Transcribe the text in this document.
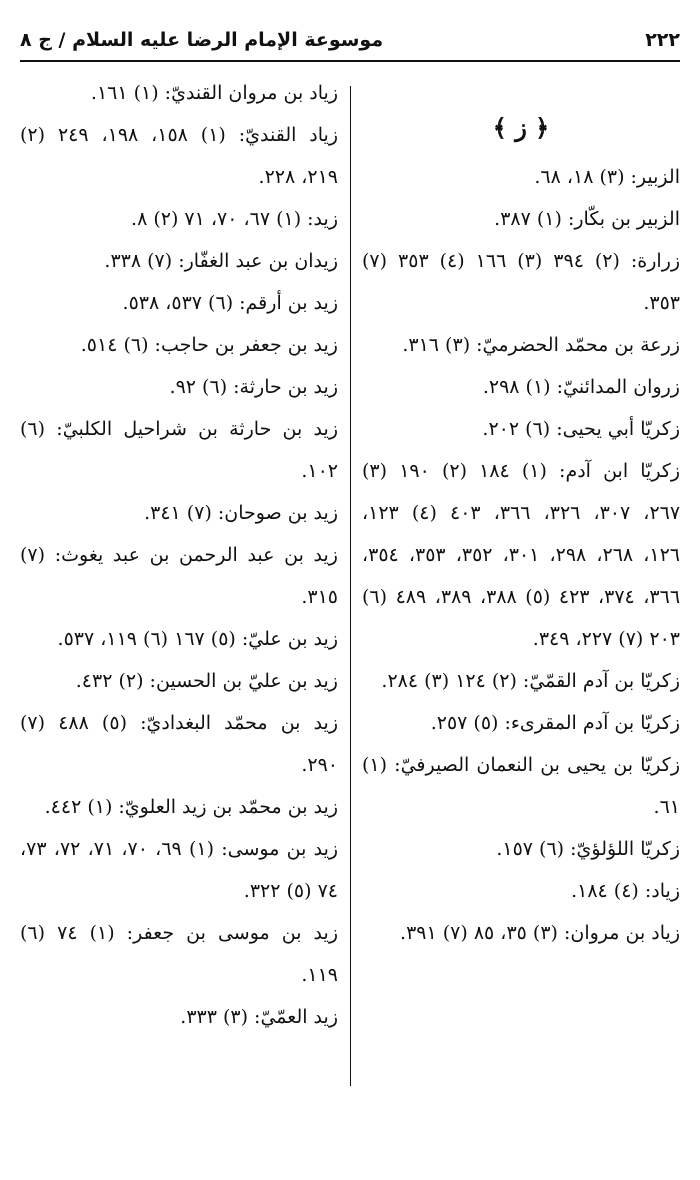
٢٢٢
موسوعة الإمام الرضا عليه السلام / ج ٨
﴿ ز ﴾
الزبير: (٣) ١٨، ٦٨.
الزبير بن بكّار: (١) ٣٨٧.
زرارة: (٢) ٣٩٤ (٣) ١٦٦ (٤) ٣٥٣ (٧) ٣٥٣.
زرعة بن محمّد الحضرميّ: (٣) ٣١٦.
زروان المدائنيّ: (١) ٢٩٨.
زكريّا أبي يحيى: (٦) ٢٠٢.
زكريّا ابن آدم: (١) ١٨٤ (٢) ١٩٠ (٣) ٢٦٧، ٣٠٧، ٣٢٦، ٣٦٦، ٤٠٣ (٤) ١٢٣، ١٢٦، ٢٦٨، ٢٩٨، ٣٠١، ٣٥٢، ٣٥٣، ٣٥٤، ٣٦٦، ٣٧٤، ٤٢٣ (٥) ٣٨٨، ٣٨٩، ٤٨٩ (٦) ٢٠٣ (٧) ٢٢٧، ٣٤٩.
زكريّا بن آدم القمّيّ: (٢) ١٢٤ (٣) ٢٨٤.
زكريّا بن آدم المقرىء: (٥) ٢٥٧.
زكريّا بن يحيى بن النعمان الصيرفيّ: (١) ٦١.
زكريّا اللؤلؤيّ: (٦) ١٥٧.
زياد: (٤) ١٨٤.
زياد بن مروان: (٣) ٣٥، ٨٥ (٧) ٣٩١.
زياد بن مروان القنديّ: (١) ١٦١.
زياد القنديّ: (١) ١٥٨، ١٩٨، ٢٤٩ (٢) ٢١٩، ٢٢٨.
زيد: (١) ٦٧، ٧٠، ٧١ (٢) ٨.
زيدان بن عبد الغفّار: (٧) ٣٣٨.
زيد بن أرقم: (٦) ٥٣٧، ٥٣٨.
زيد بن جعفر بن حاجب: (٦) ٥١٤.
زيد بن حارثة: (٦) ٩٢.
زيد بن حارثة بن شراحيل الكلبيّ: (٦) ١٠٢.
زيد بن صوحان: (٧) ٣٤١.
زيد بن عبد الرحمن بن عبد يغوث: (٧) ٣١٥.
زيد بن عليّ: (٥) ١٦٧ (٦) ١١٩، ٥٣٧.
زيد بن عليّ بن الحسين: (٢) ٤٣٢.
زيد بن محمّد البغداديّ: (٥) ٤٨٨ (٧) ٢٩٠.
زيد بن محمّد بن زيد العلويّ: (١) ٤٤٢.
زيد بن موسى: (١) ٦٩، ٧٠، ٧١، ٧٢، ٧٣، ٧٤ (٥) ٣٢٢.
زيد بن موسى بن جعفر: (١) ٧٤ (٦) ١١٩.
زيد العمّيّ: (٣) ٣٣٣.
